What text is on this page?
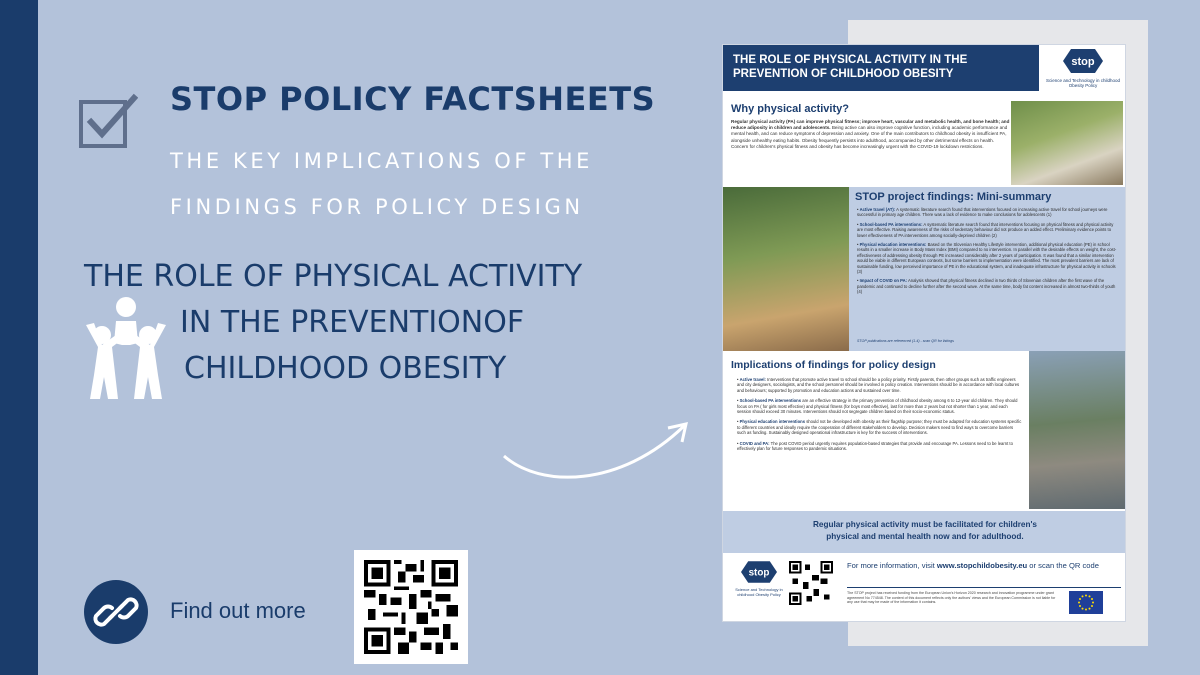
STOP POLICY FACTSHEETS
THE KEY IMPLICATIONS OF THE
FINDINGS FOR POLICY DESIGN
THE ROLE OF PHYSICAL ACTIVITY
IN THE PREVENTIONOF
CHILDHOOD OBESITY
Find out more
THE ROLE OF PHYSICAL ACTIVITY IN THE
PREVENTION OF CHILDHOOD OBESITY
stop
Science and Technology in childhood Obesity Policy
Why physical activity?

Regular physical activity (PA) can improve physical fitness; improve heart, vascular and metabolic health, and bone health; and reduce adiposity in children and adolescents. Being active can also improve cognitive function, including academic performance and mental health, and can reduce symptoms of depression and anxiety. One of the main contributors to childhood obesity is insufficient PA, alongside unhealthy eating habits. Obesity frequently persists into adulthood, accompanied by other detrimental effects on health. Concern for children's physical fitness and obesity has become increasingly urgent with the COVID-19 lockdown restrictions.

STOP project findings: Mini-summary
• Active travel (AT): A systematic literature search found that interventions focused on increasing active travel for school journeys were successful in primary age children. There was a lack of evidence to make conclusions for adolescents (1)
• School-based PA interventions: A systematic literature search found that interventions focusing on physical fitness and physical activity are most effective. Raising awareness of the risks of sedentary behaviour did not produce an added effect. Preliminary evidence points to lower effectiveness of PA interventions among socially-deprived children (2)
• Physical education interventions: Based on the Slovenian Healthy Lifestyle intervention, additional physical education (PE) in school results in a smaller increase in Body Mass Index (BMI) compared to no intervention. In parallel with the desirable effects on weight, the cost-effectiveness of addressing obesity through PE increased considerably after 2 years of participation. It was found that a similar intervention would be viable in different European contexts, but some barriers to implementation were identified. The most prevalent barriers are lack of sustainable funding, low perceived importance of PE in the educational system, and inadequate infrastructure for physical activity in schools (3)
• Impact of COVID on PA: Analysis showed that physical fitness declined in two thirds of Slovenian children after the first wave of the pandemic and continued to decline further after the second wave. At the same time, body fat content increased in almost two-thirds of youth (4)
STOP publications are referenced (1-4) - scan QR for listings
Implications of findings for policy design
• Active travel: Interventions that promote active travel to school should be a policy priority. Firstly parents, then other groups such as traffic engineers and city designers, sociologists, and the school personnel should be involved in policy creation. Interventions should be in accordance with local cultures and behaviours; supported by promotion and education actions and sustained over time.
• School-based PA interventions are an effective strategy in the primary prevention of childhood obesity among 6 to 12-year old children. They should focus on PA ( for girls most effective) and physical fitness (for boys most effective), last for more than 2 years but not shorter than 1 year, and each session should exceed 30 minutes. Interventions should not segregate children based on their socio-economic status.
• Physical education interventions should not be developed with obesity as their flagship purpose; they must be adapted for education systems specific to different countries and ideally require the cooperation of different stakeholders to develop. Decision makers need to find ways to overcome barriers such as funding. Sustainably designed operational infrastructure is key for the success of interventions.
• COVID and PA: The post COVID period urgently requires population-based strategies that provide and encourage PA. Lessons need to be learnt to effectively plan for future responses to pandemic situations.
Regular physical activity must be facilitated for children's
physical and mental health now and for adulthood.
stop
Science and Technology in childhood Obesity Policy
For more information, visit www.stopchildobesity.eu or scan the QR code
The STOP project has received funding from the European Union's Horizon 2020 research and innovation programme under grant agreement No 774548. The content of this document reflects only the authors' views and the European Commission is not liable for any use that may be made of the information it contains.
